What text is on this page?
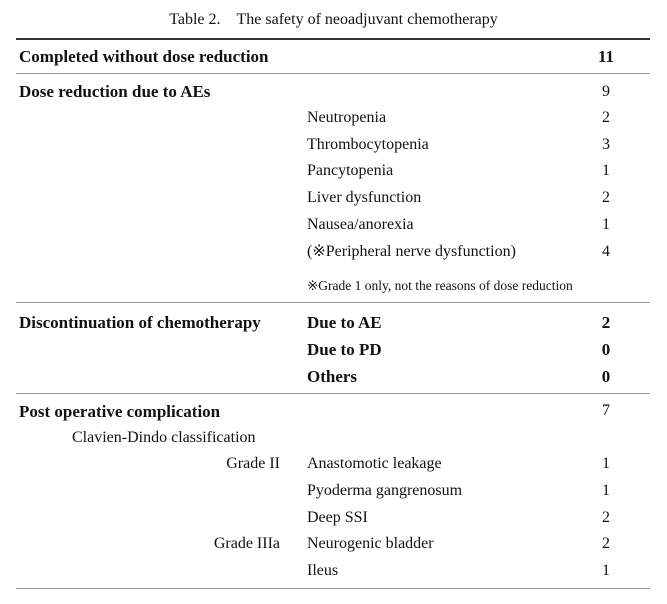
Table 2.　The safety of neoadjuvant chemotherapy
Completed without dose reduction	11
Dose reduction due to AEs	9
Neutropenia	2
Thrombocytopenia	3
Pancytopenia	1
Liver dysfunction	2
Nausea/anorexia	1
(※Peripheral nerve dysfunction)	4
※Grade 1 only, not the reasons of dose reduction
Discontinuation of chemotherapy	Due to AE	2
Due to PD	0
Others	0
Post operative complication	7
Clavien-Dindo classification
Grade II Anastomotic leakage	1
Pyoderma gangrenosum	1
Deep SSI	2
Grade IIIa Neurogenic bladder	2
Ileus	1
